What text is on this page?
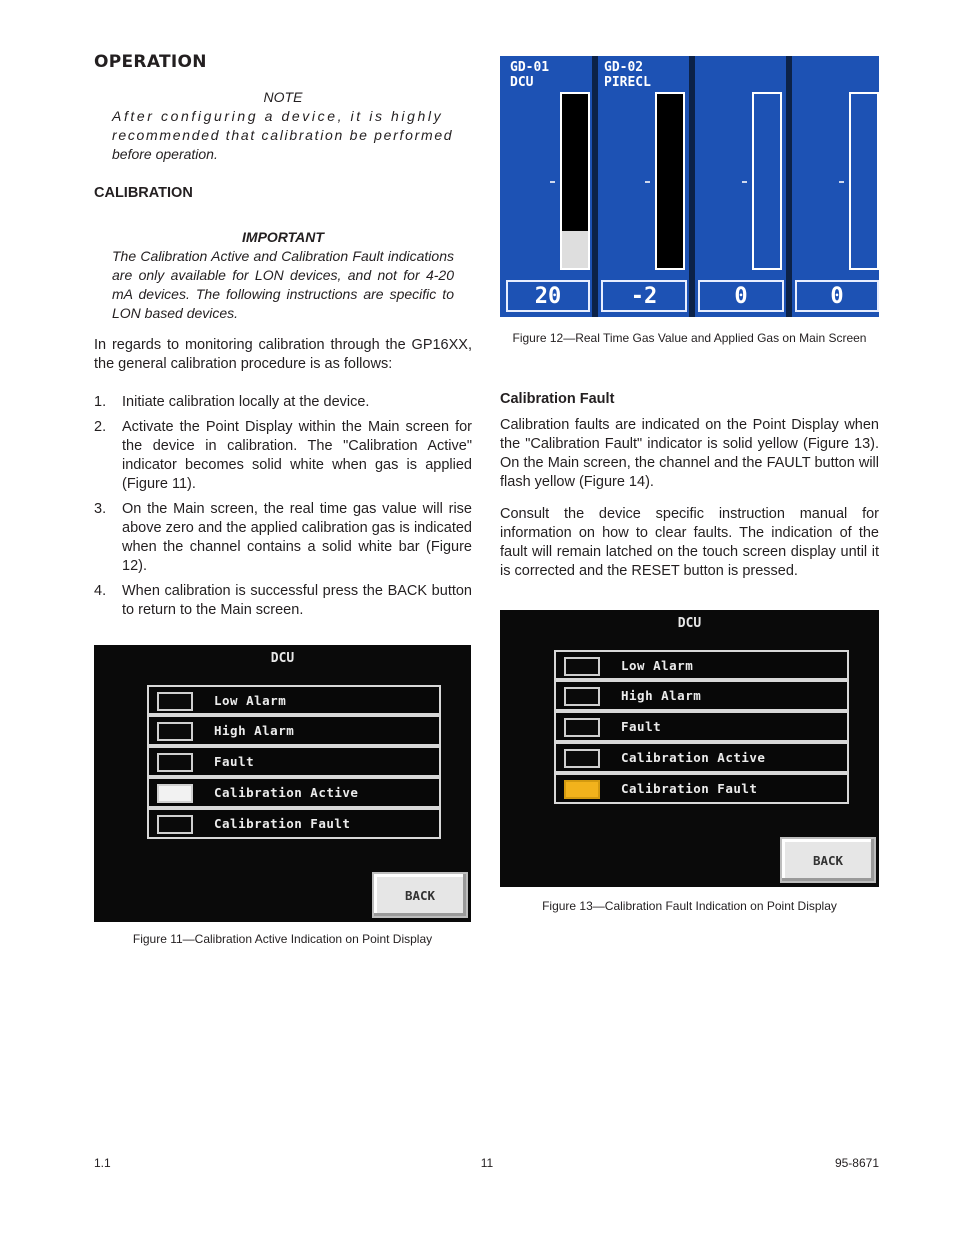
OPERATION
NOTE
After configuring a device, it is highly
recommended that calibration be performed
before operation.
CALIBRATION
IMPORTANT
The Calibration Active and Calibration Fault indications are only available for LON devices, and not for 4-20 mA devices. The following instructions are specific to LON based devices.
In regards to monitoring calibration through the GP16XX, the general calibration procedure is as follows:
1. Initiate calibration locally at the device.
2. Activate the Point Display within the Main screen for the device in calibration. The "Calibration Active" indicator becomes solid white when gas is applied (Figure 11).
3. On the Main screen, the real time gas value will rise above zero and the applied calibration gas is indicated when the channel contains a solid white bar (Figure 12).
4. When calibration is successful press the BACK button to return to the Main screen.
DCU
Low Alarm
High Alarm
Fault
Calibration Active
Calibration Fault
BACK
Figure 11—Calibration Active Indication on Point Display
GD-01
DCU
GD-02
PIRECL
20	-2	0	0
Figure 12—Real Time Gas Value and Applied Gas on Main Screen
Calibration Fault
Calibration faults are indicated on the Point Display when the "Calibration Fault" indicator is solid yellow (Figure 13). On the Main screen, the channel and the FAULT button will flash yellow (Figure 14).
Consult the device specific instruction manual for information on how to clear faults. The indication of the fault will remain latched on the touch screen display until it is corrected and the RESET button is pressed.
DCU
Low Alarm
High Alarm
Fault
Calibration Active
Calibration Fault
BACK
Figure 13—Calibration Fault Indication on Point Display
1.1	11	95-8671
